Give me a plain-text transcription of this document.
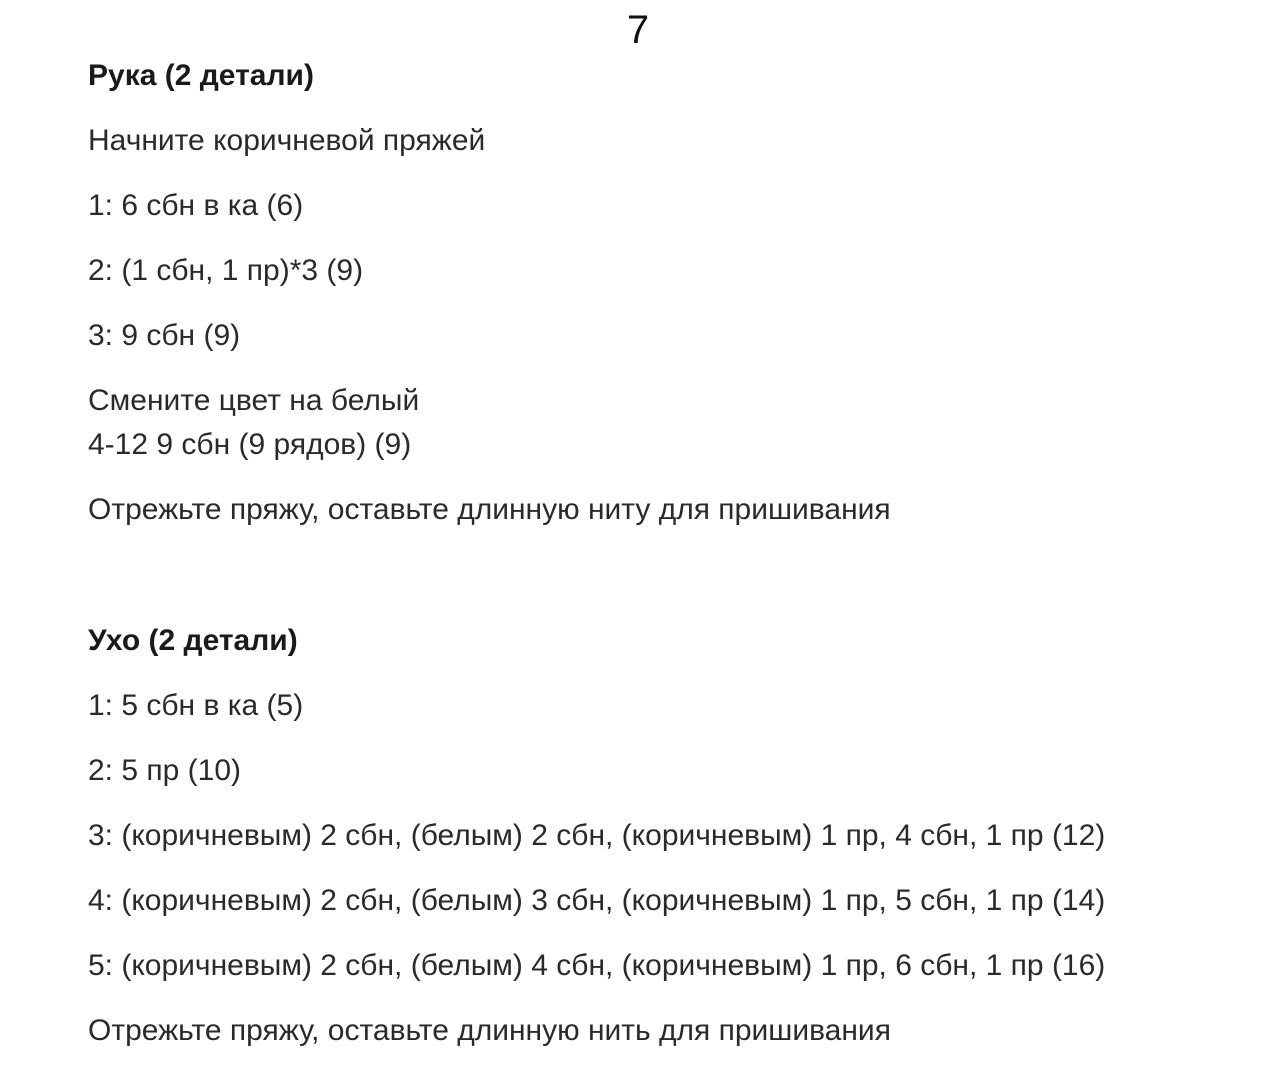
7
Рука (2 детали)
Начните коричневой пряжей
1: 6 сбн в ка (6)
2: (1 сбн, 1 пр)*3 (9)
3: 9 сбн (9)
Смените цвет на белый
4-12 9 сбн (9 рядов) (9)
Отрежьте пряжу, оставьте длинную ниту для пришивания
Ухо (2 детали)
1: 5 сбн в ка (5)
2: 5 пр (10)
3: (коричневым) 2 сбн, (белым) 2 сбн, (коричневым) 1 пр, 4 сбн, 1 пр (12)
4: (коричневым) 2 сбн, (белым) 3 сбн, (коричневым) 1 пр, 5 сбн, 1 пр (14)
5: (коричневым) 2 сбн, (белым) 4 сбн, (коричневым) 1 пр, 6 сбн, 1 пр (16)
Отрежьте пряжу, оставьте длинную нить для пришивания
